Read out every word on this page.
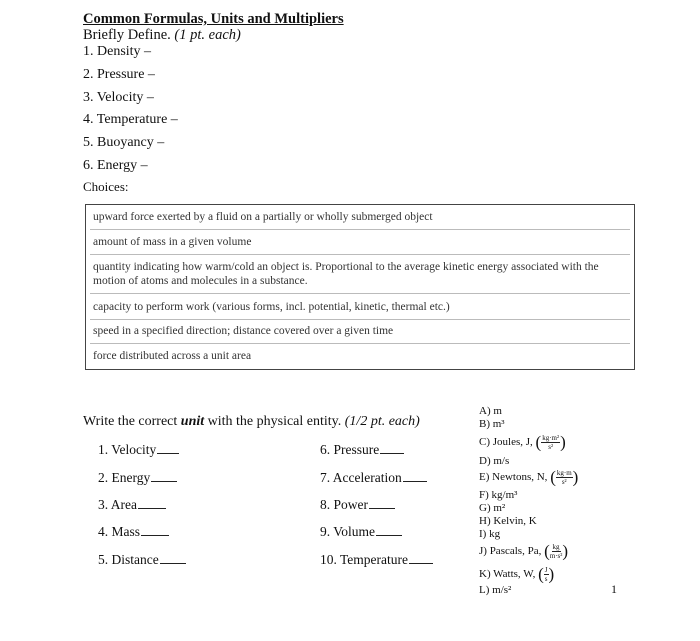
Common Formulas, Units and Multipliers
Briefly Define. (1 pt. each)
1. Density –
2. Pressure –
3. Velocity –
4. Temperature –
5. Buoyancy –
6. Energy –
Choices:
upward force exerted by a fluid on a partially or wholly submerged object
amount of mass in a given volume
quantity indicating how warm/cold an object is. Proportional to the average kinetic energy associated with the motion of atoms and molecules in a substance.
capacity to perform work (various forms, incl. potential, kinetic, thermal etc.)
speed in a specified direction; distance covered over a given time
force distributed across a unit area
Write the correct unit with the physical entity. (1/2 pt. each)
1. Velocity
2. Energy
3. Area
4. Mass
5. Distance
6. Pressure
7. Acceleration
8. Power
9. Volume
10. Temperature
A) m
B) m³
C) Joules, J, ( $\frac{\text{kg·m²}}{\text{s²}}$ )
D) m/s
E) Newtons, N, ( $\frac{kg\cdot m}{\text{s²}}$ )
F) kg/m³
G) m²
H) Kelvin, K
I) kg
J) Pascals, Pa, ( $\frac{kg}{\text{m·s²}}$ )
K) Watts, W, ( $\frac{J}{s}$ )
L) m/s²	1
